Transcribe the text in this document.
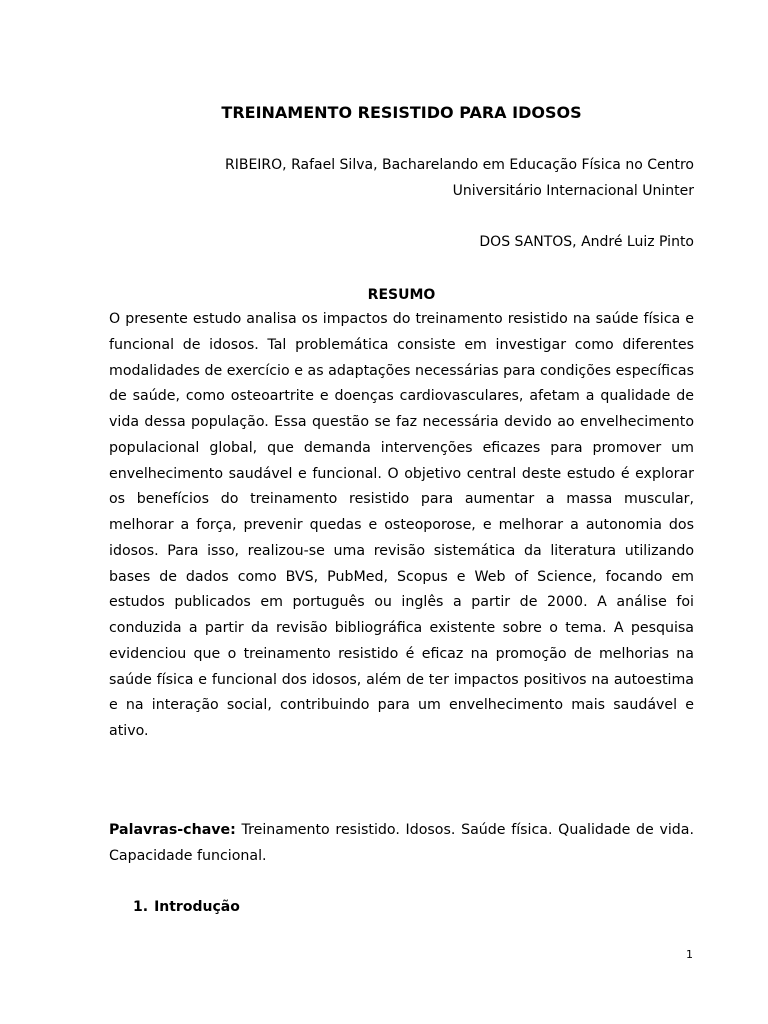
TREINAMENTO RESISTIDO PARA IDOSOS
RIBEIRO, Rafael Silva, Bacharelando em Educação Física no Centro
Universitário Internacional Uninter
DOS SANTOS, André Luiz Pinto
RESUMO

O presente estudo analisa os impactos do treinamento resistido na saúde física e funcional de idosos. Tal problemática consiste em investigar como diferentes modalidades de exercício e as adaptações necessárias para condições específicas de saúde, como osteoartrite e doenças cardiovasculares, afetam a qualidade de vida dessa população. Essa questão se faz necessária devido ao envelhecimento populacional global, que demanda intervenções eficazes para promover um envelhecimento saudável e funcional. O objetivo central deste estudo é explorar os benefícios do treinamento resistido para aumentar a massa muscular, melhorar a força, prevenir quedas e osteoporose, e melhorar a autonomia dos idosos. Para isso, realizou-se uma revisão sistemática da literatura utilizando bases de dados como BVS, PubMed, Scopus e Web of Science, focando em estudos publicados em português ou inglês a partir de 2000. A análise foi conduzida a partir da revisão bibliográfica existente sobre o tema. A pesquisa evidenciou que o treinamento resistido é eficaz na promoção de melhorias na saúde física e funcional dos idosos, além de ter impactos positivos na autoestima e na interação social, contribuindo para um envelhecimento mais saudável e ativo.

Palavras-chave: Treinamento resistido. Idosos. Saúde física. Qualidade de vida. Capacidade funcional.

1. Introdução
1
